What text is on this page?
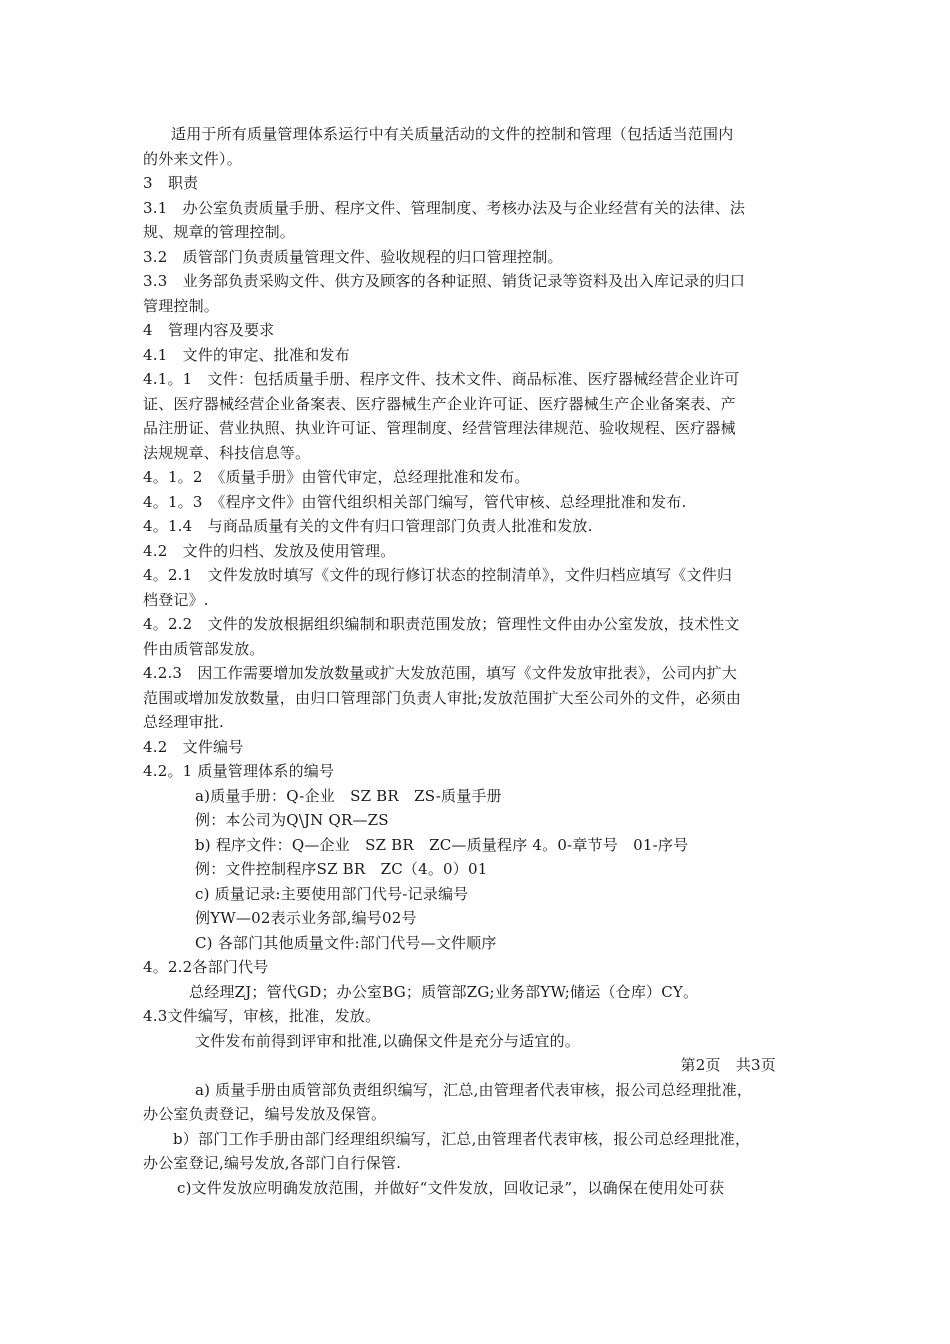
适用于所有质量管理体系运行中有关质量活动的文件的控制和管理（包括适当范围内
的外来文件）。
3　职责
3.1　办公室负责质量手册、程序文件、管理制度、考核办法及与企业经营有关的法律、法
规、规章的管理控制。
3.2　质管部门负责质量管理文件、验收规程的归口管理控制。
3.3　业务部负责采购文件、供方及顾客的各种证照、销货记录等资料及出入库记录的归口
管理控制。
4　管理内容及要求
4.1　文件的审定、批准和发布
4.1。1　文件：包括质量手册、程序文件、技术文件、商品标准、医疗器械经营企业许可
证、医疗器械经营企业备案表、医疗器械生产企业许可证、医疗器械生产企业备案表、产
品注册证、营业执照、执业许可证、管理制度、经营管理法律规范、验收规程、医疗器械
法规规章、科技信息等。
4。1。2　《质量手册》由管代审定，总经理批准和发布。
4。1。3　《程序文件》由管代组织相关部门编写，管代审核、总经理批准和发布.
4。1.4　与商品质量有关的文件有归口管理部门负责人批准和发放.
4.2　文件的归档、发放及使用管理。
4。2.1　文件发放时填写《文件的现行修订状态的控制清单》，文件归档应填写《文件归
档登记》.
4。2.2　文件的发放根据组织编制和职责范围发放；管理性文件由办公室发放，技术性文
件由质管部发放。
4.2.3　因工作需要增加发放数量或扩大发放范围，填写《文件发放审批表》，公司内扩大
范围或增加发放数量，由归口管理部门负责人审批;发放范围扩大至公司外的文件，必须由
总经理审批.
4.2　文件编号
4.2。1 质量管理体系的编号
a)质量手册：Q-企业　SZ BR　ZS-质量手册
例：本公司为Q\JN QR—ZS
b) 程序文件：Q—企业　SZ BR　ZC—质量程序 4。0-章节号　01-序号
例：文件控制程序SZ BR　ZC（4。0）01
c) 质量记录:主要使用部门代号-记录编号
例YW—02表示业务部,编号02号
C) 各部门其他质量文件:部门代号—文件顺序
4。2.2各部门代号
总经理ZJ；管代GD；办公室BG；质管部ZG;业务部YW;储运（仓库）CY。
4.3文件编写，审核，批准，发放。
文件发布前得到评审和批准,以确保文件是充分与适宜的。
第2页　共3页
a) 质量手册由质管部负责组织编写，汇总,由管理者代表审核，报公司总经理批准，
办公室负责登记，编号发放及保管。
b）部门工作手册由部门经理组织编写，汇总,由管理者代表审核，报公司总经理批准，
办公室登记,编号发放,各部门自行保管.
c)文件发放应明确发放范围，并做好“文件发放，回收记录”，以确保在使用处可获
